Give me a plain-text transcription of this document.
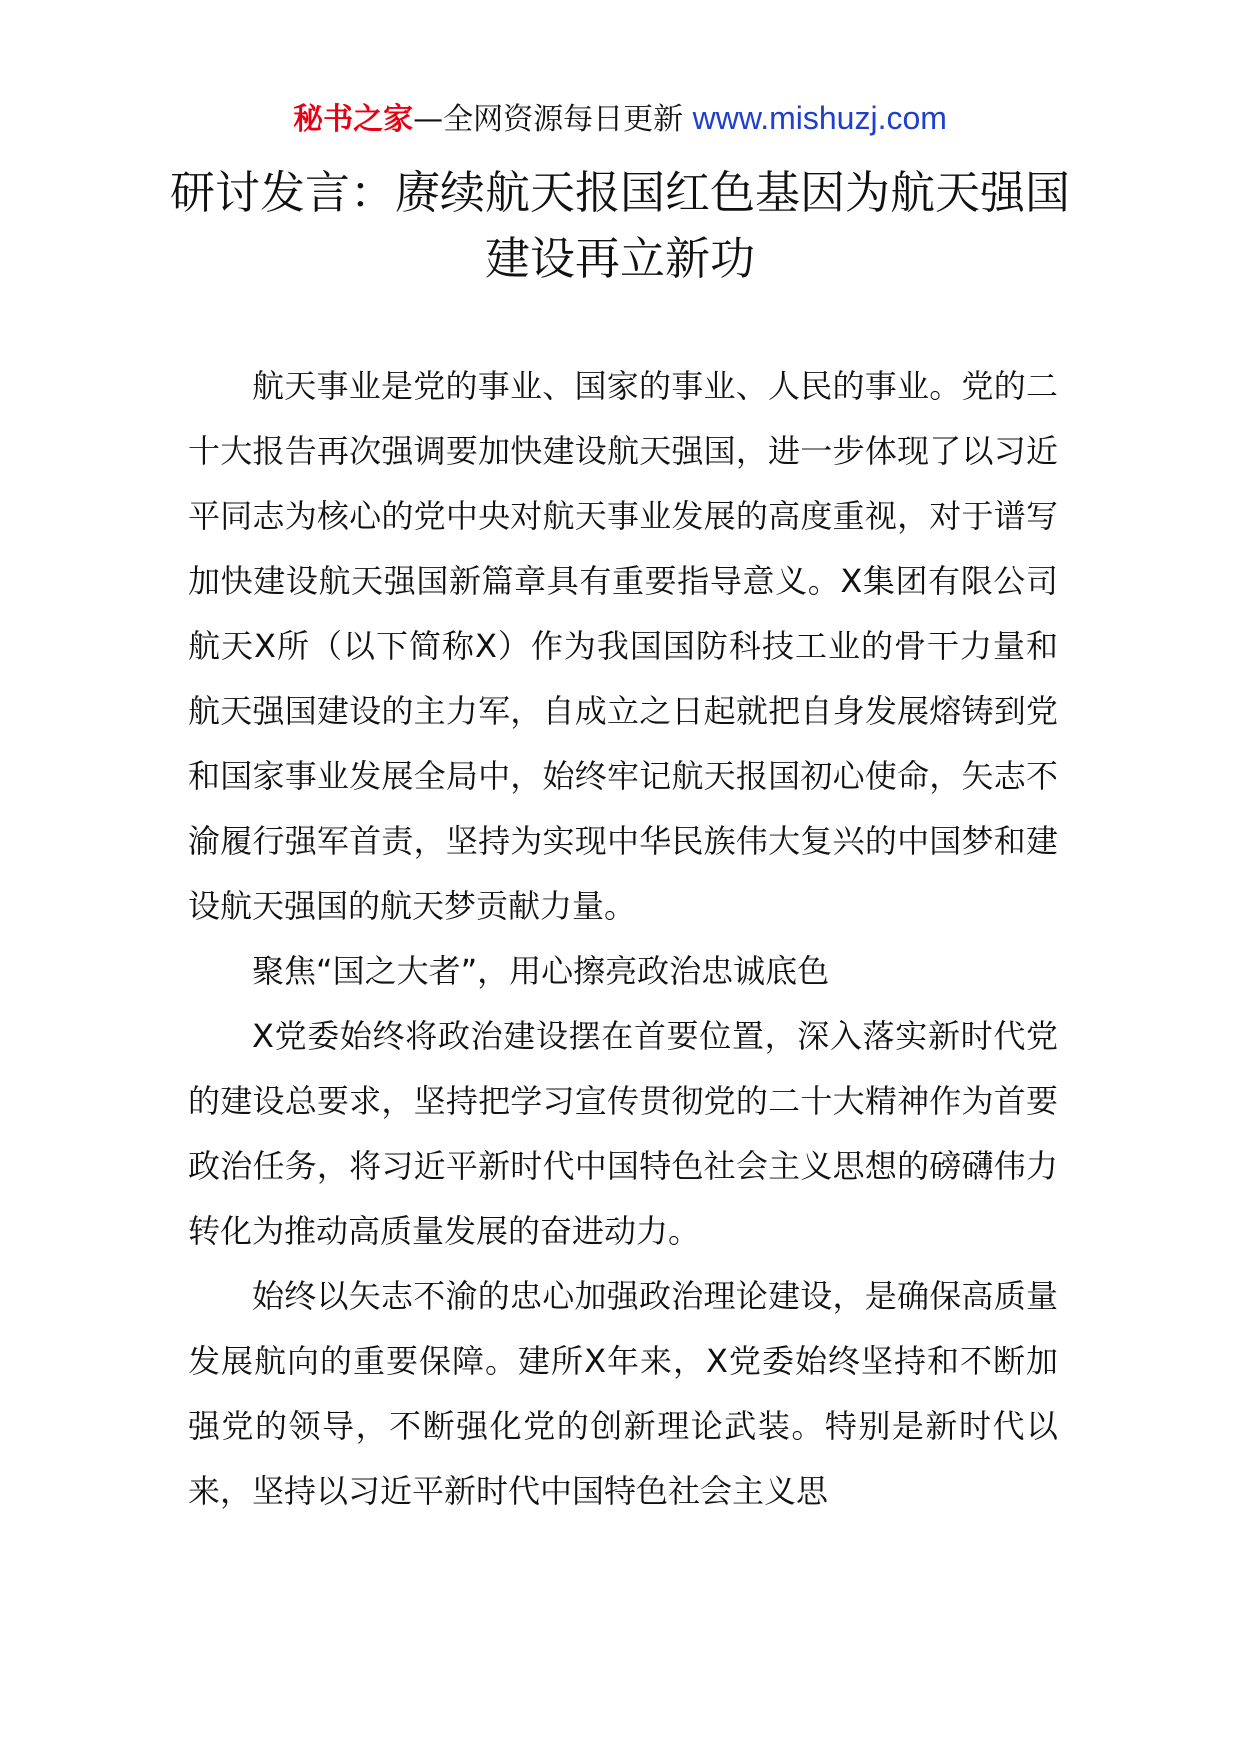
秘书之家—全网资源每日更新 www.mishuzj.com
研讨发言：赓续航天报国红色基因为航天强国建设再立新功

航天事业是党的事业、国家的事业、人民的事业。党的二十大报告再次强调要加快建设航天强国，进一步体现了以习近平同志为核心的党中央对航天事业发展的高度重视，对于谱写加快建设航天强国新篇章具有重要指导意义。X集团有限公司航天X所（以下简称X）作为我国国防科技工业的骨干力量和航天强国建设的主力军，自成立之日起就把自身发展熔铸到党和国家事业发展全局中，始终牢记航天报国初心使命，矢志不渝履行强军首责，坚持为实现中华民族伟大复兴的中国梦和建设航天强国的航天梦贡献力量。

聚焦“国之大者”，用心擦亮政治忠诚底色

X党委始终将政治建设摆在首要位置，深入落实新时代党的建设总要求，坚持把学习宣传贯彻党的二十大精神作为首要政治任务，将习近平新时代中国特色社会主义思想的磅礴伟力转化为推动高质量发展的奋进动力。

始终以矢志不渝的忠心加强政治理论建设，是确保高质量发展航向的重要保障。建所X年来，X党委始终坚持和不断加强党的领导，不断强化党的创新理论武装。特别是新时代以来，坚持以习近平新时代中国特色社会主义思
